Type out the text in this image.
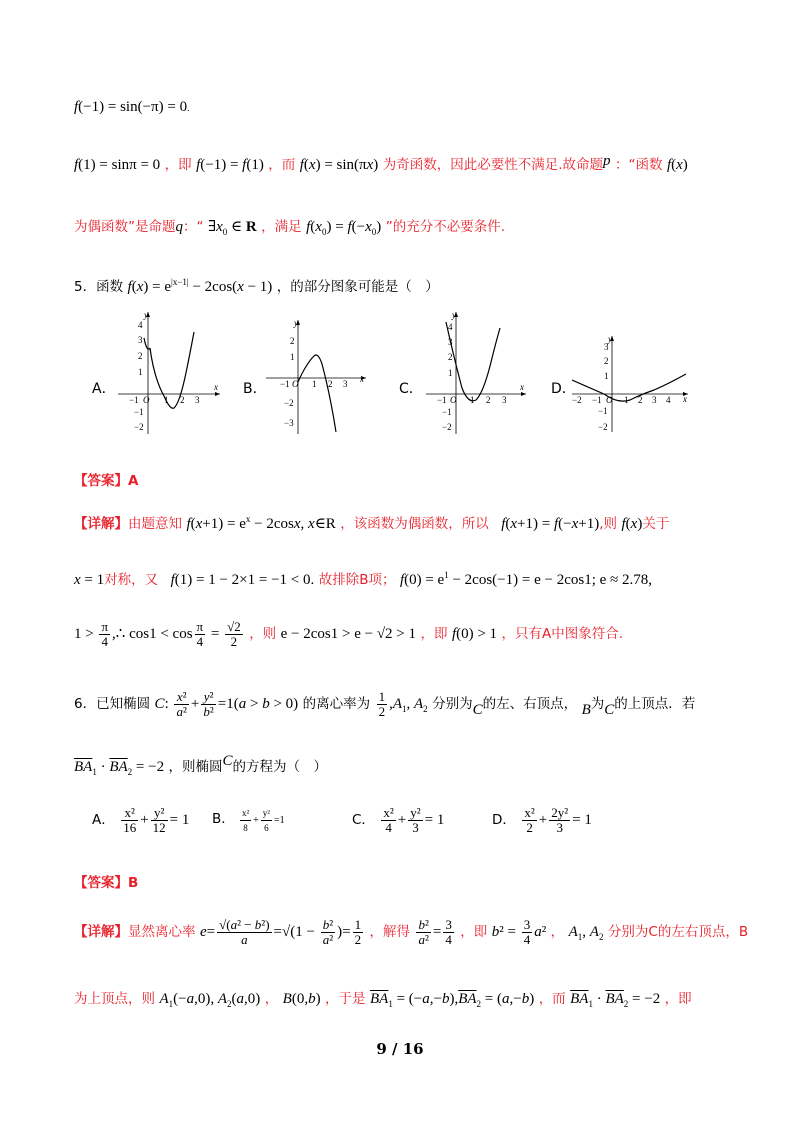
f(−1) = sin(−π) = 0.
f(1) = sinπ = 0 ，即 f(−1) = f(1) ，而 f(x) = sin(πx) 为奇函数，因此必要性不满足.故命题p ：“函数 f(x)
为偶函数”是命题q：“ $\exists x_0$ ∈ R ，满足 $f(x_0) = f(-x_0)$ ”的充分不必要条件.
5．函数 $f(x) = e^{|x-1|} - 2\cos(x - 1)$ ，的部分图象可能是（　）
A．	B．	C．	D．
y
x
4
3
2
1
−1 O 1 2 3
−1
−2
y
x
2
1
−1 O 1 2 3
−2
−3
y
x
4
3
2
1
−1 O 1 2 3
−1
−2
y
x
3
2
1
−2 −1 O 1 2 3 4
−1
−2
【答案】A
【详解】由题意知 $f(x+1) = e^x - 2\cos x$, x∈R ，该函数为偶函数，所以 f(x+1) = f(−x+1),则 f(x)关于
x = 1对称，又 f(1) = 1 − 2×1 = −1 < 0. 故排除B项； $f(0) = e^1 - 2\cos(-1) = e - 2\cos 1$; e ≈ 2.78,
$1 > \frac{\pi}{4}$ ,∴ $\cos 1 < \cos \frac{\pi}{4} = \frac{√2}{2}$ ，则 e − 2cos1 > e − √2 > 1 ，即 f(0) > 1 ，只有A中图象符合.
6．已知椭圆 C: $\frac{\text{x²}}{\text{a²}} + \frac{\text{y²}}{\text{b²}} =1(a > b > 0)$ 的离心率为 $\frac{1}{2} ,A_1$, $A_2$ 分别为C的左、右顶点， B为C的上顶点．若
$\overline{BA}_1 \cdot \overline{BA}_2 = -2$ ，则椭圆C的方程为（　）
A． $\frac{\text{x²}}{16} + \frac{\text{y²}}{12} = 1$ B． $\frac{\text{x²}}{8} + \frac{\text{y²}}{6} =1$	C． $\frac{\text{x²}}{4} + \frac{\text{y²}}{3} = 1$	D． $\frac{\text{x²}}{2} + \frac{\text{2y²}}{3} = 1$
【答案】B
【详解】显然离心率 $e= \frac{\text{√(a² − b²)}}{a} =√(1 - \frac{\text{b²}}{\text{a²}}$ )= $\frac{1}{2}$ ，解得 $\frac{\text{b²}}{\text{a²}} = \frac{3}{4}$ ，即 $b^2 = \frac{3}{4} a^2$ ， $A_1$, $A_2$ 分别为C的左右顶点，B
为上顶点，则 $A_1(-a,0)$, $A_2(a,0)$ ， B(0,b) ，于是 $\overline{BA}_1 = (-a,-b),\overline{BA}_2 = (a,-b)$ ，而 $\overline{BA}_1 \cdot \overline{BA}_2 = -2$ ，即
9 / 16
